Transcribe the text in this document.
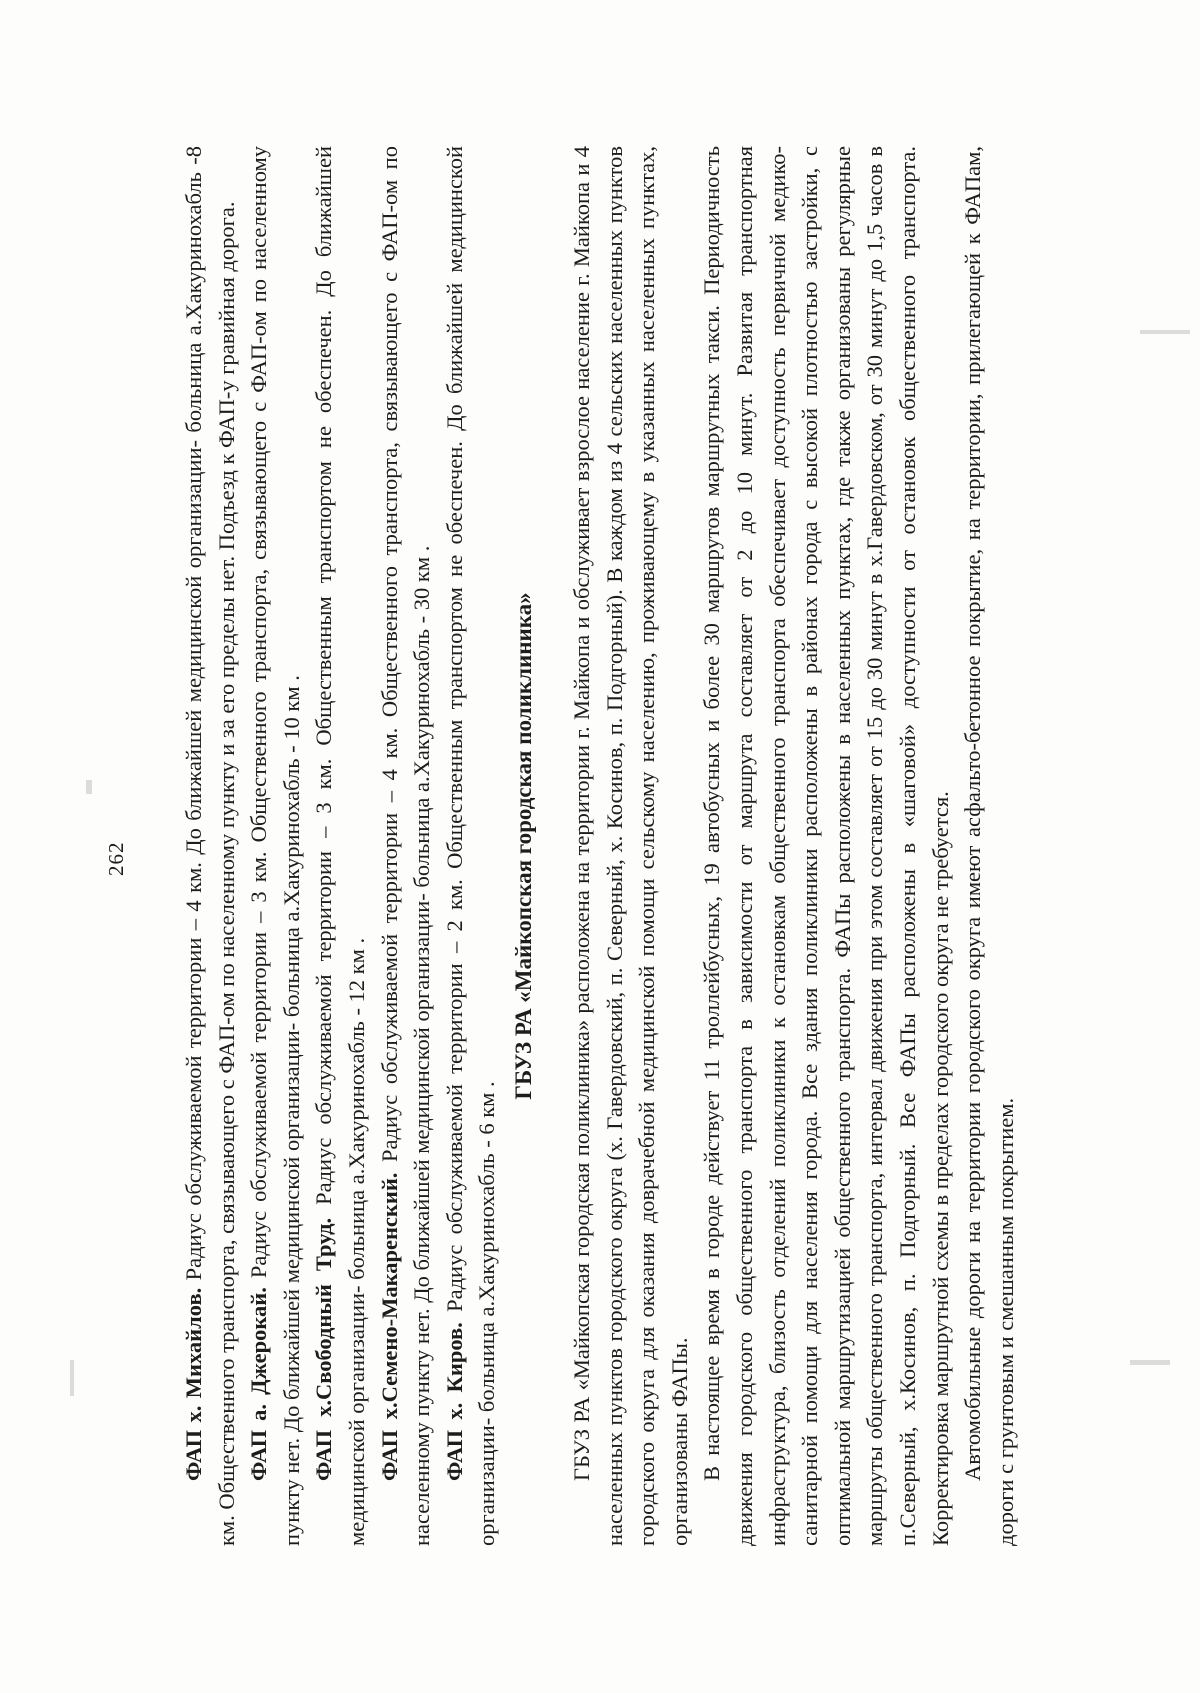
262

ФАП х. Михайлов. Радиус обслуживаемой территории – 4 км. До ближайшей медицинской организации- больница а.Хакуринохабль -8 км. Общественного транспорта, связывающего с ФАП-ом по населенному пункту и за его пределы нет. Подъезд к ФАП-у гравийная дорога. ФАП а. Джерокай. Радиус обслуживаемой территории – 3 км. Общественного транспорта, связывающего с ФАП-ом по населенному пункту нет. До ближайшей медицинской организации- больница а.Хакуринохабль - 10 км . ФАП х.Свободный Труд. Радиус обслуживаемой территории – 3 км. Общественным транспортом не обеспечен. До ближайшей медицинской организации- больница а.Хакуринохабль - 12 км . ФАП х.Семено-Макаренский. Радиус обслуживаемой территории – 4 км. Общественного транспорта, связывающего с ФАП-ом по населенному пункту нет. До ближайшей медицинской организации- больница а.Хакуринохабль - 30 км . ФАП х. Киров. Радиус обслуживаемой территории – 2 км. Общественным транспортом не обеспечен. До ближайшей медицинской организации- больница а.Хакуринохабль - 6 км .

ГБУЗ РА «Майкопская городская поликлиника» ГБУЗ РА «Майкопская городская поликлиника» расположена на территории г. Майкопа и обслуживает взрослое население г. Майкопа и 4 населенных пунктов городского округа (х. Гавердовский, п. Северный, х. Косинов, п. Подгорный). В каждом из 4 сельских населенных пунктов городского округа для оказания доврачебной медицинской помощи сельскому населению, проживающему в указанных населенных пунктах, организованы ФАПы. В настоящее время в городе действует 11 троллейбусных, 19 автобусных и более 30 маршрутов маршрутных такси. Периодичность движения городского общественного транспорта в зависимости от маршрута составляет от 2 до 10 минут. Развитая транспортная инфраструктура, близость отделений поликлиники к остановкам общественного транспорта обеспечивает доступность первичной медико-санитарной помощи для населения города. Все здания поликлиники расположены в районах города с высокой плотностью застройки, с оптимальной маршрутизацией общественного транспорта. ФАПы расположены в населенных пунктах, где также организованы регулярные маршруты общественного транспорта, интервал движения при этом составляет от 15 до 30 минут в х.Гавердовском, от 30 минут до 1,5 часов в п.Северный, х.Косинов, п. Подгорный. Все ФАПы расположены в «шаговой» доступности от остановок общественного транспорта. Корректировка маршрутной схемы в пределах городского округа не требуется. Автомобильные дороги на территории городского округа имеют асфальто-бетонное покрытие, на территории, прилегающей к ФАПам, дороги с грунтовым и смешанным покрытием.
